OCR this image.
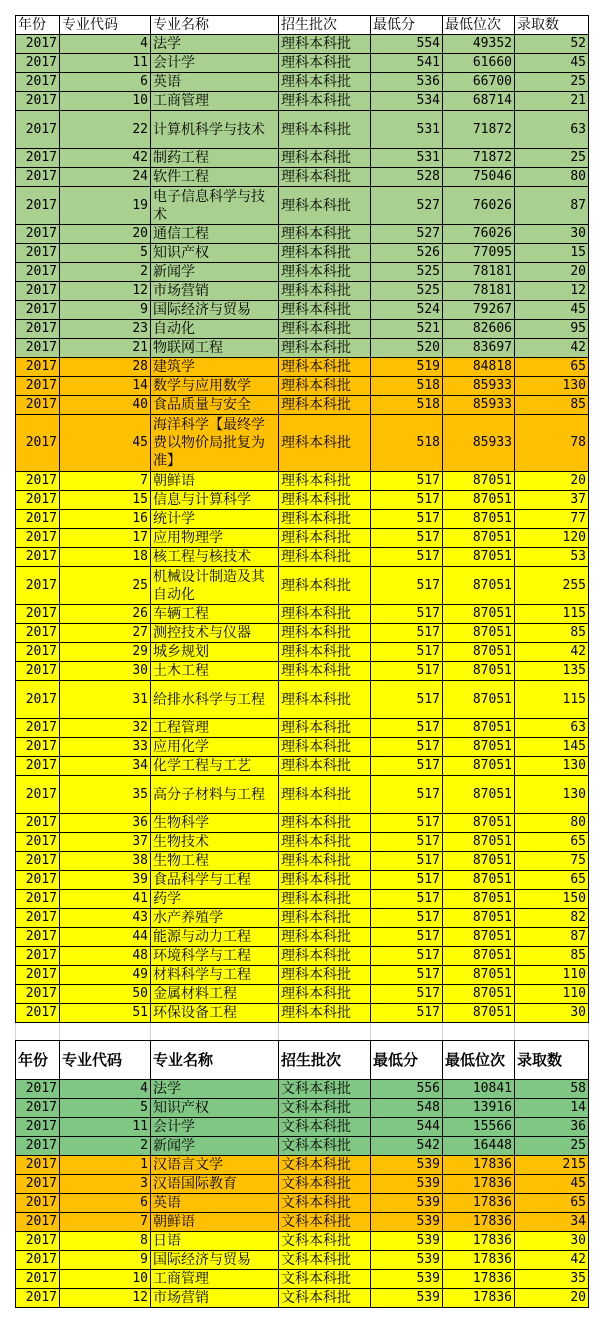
年份	专业代码	专业名称	招生批次	最低分	最低位次	录取数
2017	4	法学	理科本科批	554	49352	52
2017	11	会计学	理科本科批	541	61660	45
2017	6	英语	理科本科批	536	66700	25
2017	10	工商管理	理科本科批	534	68714	21
2017	22	计算机科学与技术	理科本科批	531	71872	63
2017	42	制药工程	理科本科批	531	71872	25
2017	24	软件工程	理科本科批	528	75046	80
2017	19	电子信息科学与技术	理科本科批	527	76026	87
2017	20	通信工程	理科本科批	527	76026	30
2017	5	知识产权	理科本科批	526	77095	15
2017	2	新闻学	理科本科批	525	78181	20
2017	12	市场营销	理科本科批	525	78181	12
2017	9	国际经济与贸易	理科本科批	524	79267	45
2017	23	自动化	理科本科批	521	82606	95
2017	21	物联网工程	理科本科批	520	83697	42
2017	28	建筑学	理科本科批	519	84818	65
2017	14	数学与应用数学	理科本科批	518	85933	130
2017	40	食品质量与安全	理科本科批	518	85933	85
2017	45	海洋科学【最终学费以物价局批复为准】	理科本科批	518	85933	78
2017	7	朝鲜语	理科本科批	517	87051	20
2017	15	信息与计算科学	理科本科批	517	87051	37
2017	16	统计学	理科本科批	517	87051	77
2017	17	应用物理学	理科本科批	517	87051	120
2017	18	核工程与核技术	理科本科批	517	87051	53
2017	25	机械设计制造及其自动化	理科本科批	517	87051	255
2017	26	车辆工程	理科本科批	517	87051	115
2017	27	测控技术与仪器	理科本科批	517	87051	85
2017	29	城乡规划	理科本科批	517	87051	42
2017	30	土木工程	理科本科批	517	87051	135
2017	31	给排水科学与工程	理科本科批	517	87051	115
2017	32	工程管理	理科本科批	517	87051	63
2017	33	应用化学	理科本科批	517	87051	145
2017	34	化学工程与工艺	理科本科批	517	87051	130
2017	35	高分子材料与工程	理科本科批	517	87051	130
2017	36	生物科学	理科本科批	517	87051	80
2017	37	生物技术	理科本科批	517	87051	65
2017	38	生物工程	理科本科批	517	87051	75
2017	39	食品科学与工程	理科本科批	517	87051	65
2017	41	药学	理科本科批	517	87051	150
2017	43	水产养殖学	理科本科批	517	87051	82
2017	44	能源与动力工程	理科本科批	517	87051	87
2017	48	环境科学与工程	理科本科批	517	87051	85
2017	49	材料科学与工程	理科本科批	517	87051	110
2017	50	金属材料工程	理科本科批	517	87051	110
2017	51	环保设备工程	理科本科批	517	87051	30
年份	专业代码	专业名称	招生批次	最低分	最低位次	录取数
2017	4	法学	文科本科批	556	10841	58
2017	5	知识产权	文科本科批	548	13916	14
2017	11	会计学	文科本科批	544	15566	36
2017	2	新闻学	文科本科批	542	16448	25
2017	1	汉语言文学	文科本科批	539	17836	215
2017	3	汉语国际教育	文科本科批	539	17836	45
2017	6	英语	文科本科批	539	17836	65
2017	7	朝鲜语	文科本科批	539	17836	34
2017	8	日语	文科本科批	539	17836	30
2017	9	国际经济与贸易	文科本科批	539	17836	42
2017	10	工商管理	文科本科批	539	17836	35
2017	12	市场营销	文科本科批	539	17836	20
